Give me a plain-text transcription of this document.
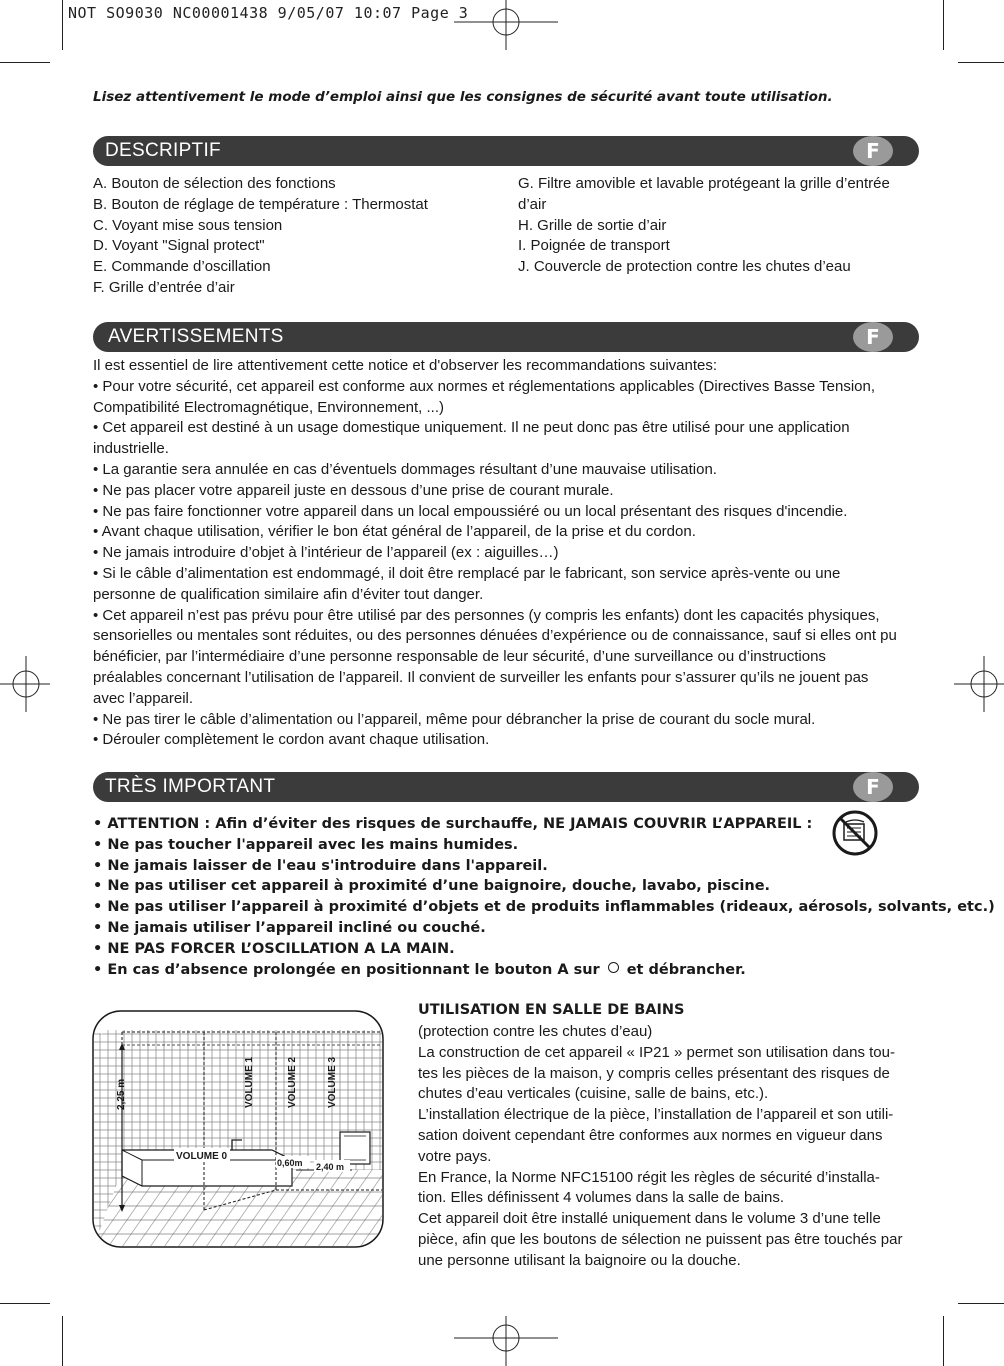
NOT SO9030 NC00001438 9/05/07 10:07 Page 3
Lisez attentivement le mode d’emploi ainsi que les consignes de sécurité avant toute utilisation.
DESCRIPTIF	F
A. Bouton de sélection des fonctions
B. Bouton de réglage de température : Thermostat
C. Voyant mise sous tension
D. Voyant "Signal protect"
E. Commande d’oscillation
F. Grille d’entrée d’air
G. Filtre amovible et lavable protégeant la grille d’entrée
d’air
H. Grille de sortie d’air
I. Poignée de transport
J. Couvercle de protection contre les chutes d’eau
AVERTISSEMENTS	F
Il est essentiel de lire attentivement cette notice et d'observer les recommandations suivantes:
• Pour votre sécurité, cet appareil est conforme aux normes et réglementations applicables (Directives Basse Tension,
Compatibilité Electromagnétique, Environnement, ...)
• Cet appareil est destiné à un usage domestique uniquement. Il ne peut donc pas être utilisé pour une application
industrielle.
• La garantie sera annulée en cas d’éventuels dommages résultant d’une mauvaise utilisation.
• Ne pas placer votre appareil juste en dessous d’une prise de courant murale.
• Ne pas faire fonctionner votre appareil dans un local empoussiéré ou un local présentant des risques d'incendie.
• Avant chaque utilisation, vérifier le bon état général de l’appareil, de la prise et du cordon.
• Ne jamais introduire d’objet à l’intérieur de l’appareil (ex : aiguilles…)
• Si le câble d’alimentation est endommagé, il doit être remplacé par le fabricant, son service après-vente ou une
personne de qualification similaire afin d’éviter tout danger.
• Cet appareil n’est pas prévu pour être utilisé par des personnes (y compris les enfants) dont les capacités physiques,
sensorielles ou mentales sont réduites, ou des personnes dénuées d’expérience ou de connaissance, sauf si elles ont pu
bénéficier, par l’intermédiaire d’une personne responsable de leur sécurité, d’une surveillance ou d’instructions
préalables concernant l’utilisation de l’appareil. Il convient de surveiller les enfants pour s’assurer qu’ils ne jouent pas
avec l’appareil.
• Ne pas tirer le câble d’alimentation ou l’appareil, même pour débrancher la prise de courant du socle mural.
• Dérouler complètement le cordon avant chaque utilisation.
TRÈS IMPORTANT	F
• ATTENTION : Afin d’éviter des risques de surchauffe, NE JAMAIS COUVRIR L’APPAREIL :
• Ne pas toucher l'appareil avec les mains humides.
• Ne jamais laisser de l'eau s'introduire dans l'appareil.
• Ne pas utiliser cet appareil à proximité d’une baignoire, douche, lavabo, piscine.
• Ne pas utiliser l’appareil à proximité d’objets et de produits inflammables (rideaux, aérosols, solvants, etc.)
• Ne jamais utiliser l’appareil incliné ou couché.
• NE PAS FORCER L’OSCILLATION A LA MAIN.
• En cas d’absence prolongée en positionnant le bouton A sur et débrancher.
VOLUME 0
VOLUME 1	VOLUME 2	VOLUME 3
2,25 m
0,60m 2,40 m
UTILISATION EN SALLE DE BAINS
(protection contre les chutes d’eau)
La construction de cet appareil « IP21 » permet son utilisation dans tou-
tes les pièces de la maison, y compris celles présentant des risques de
chutes d’eau verticales (cuisine, salle de bains, etc.).
L’installation électrique de la pièce, l’installation de l’appareil et son utili-
sation doivent cependant être conformes aux normes en vigueur dans
votre pays.
En France, la Norme NFC15100 régit les règles de sécurité d’installa-
tion. Elles définissent 4 volumes dans la salle de bains.
Cet appareil doit être installé uniquement dans le volume 3 d’une telle
pièce, afin que les boutons de sélection ne puissent pas être touchés par
une personne utilisant la baignoire ou la douche.
